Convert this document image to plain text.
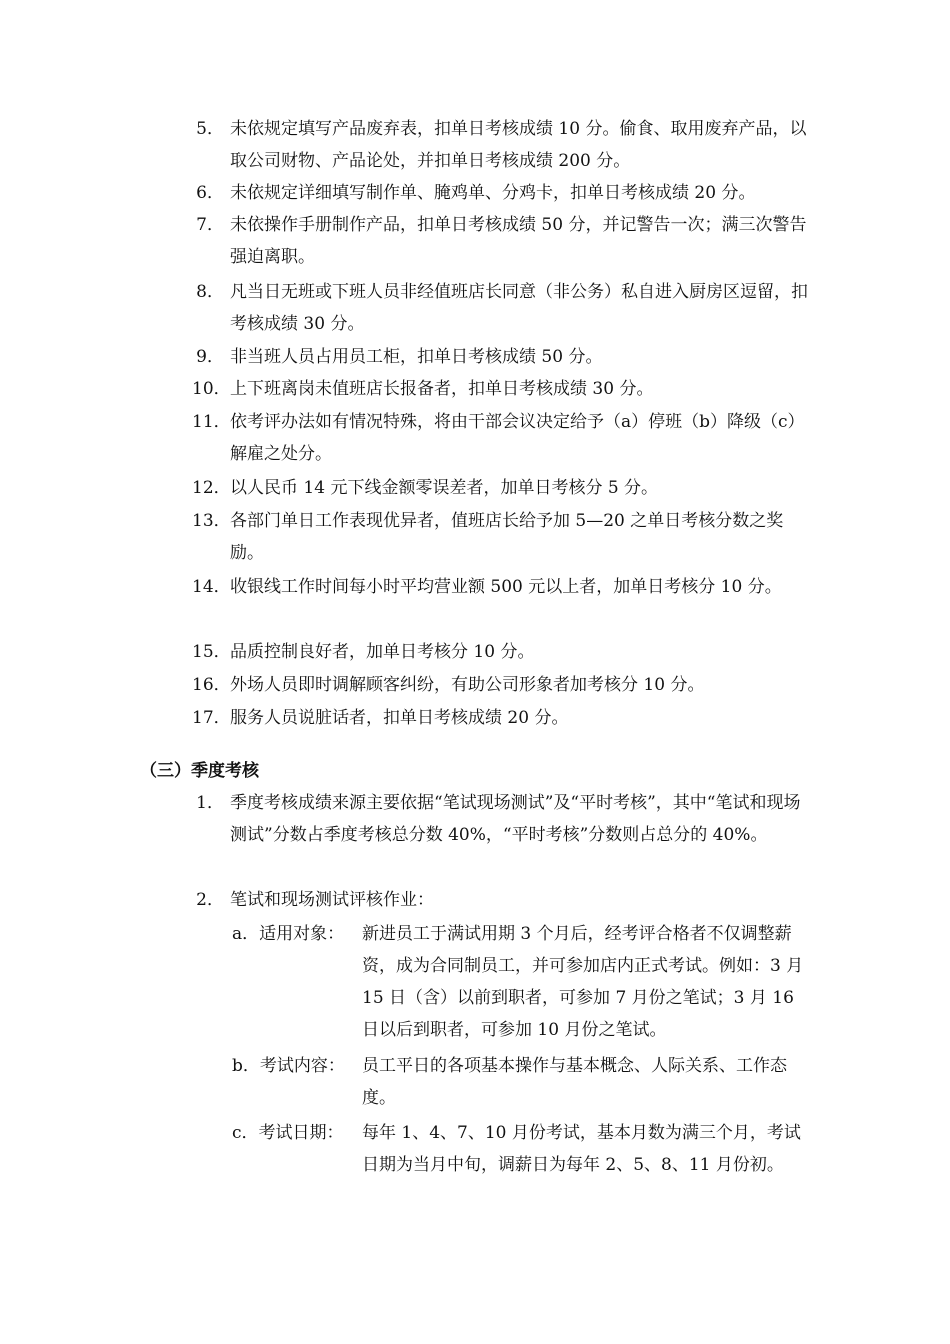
5． 未依规定填写产品废弃表，扣单日考核成绩 10 分。偷食、取用废弃产品，以取公司财物、产品论处，并扣单日考核成绩 200 分。
6． 未依规定详细填写制作单、腌鸡单、分鸡卡，扣单日考核成绩 20 分。
7． 未依操作手册制作产品，扣单日考核成绩 50 分，并记警告一次；满三次警告强迫离职。
8． 凡当日无班或下班人员非经值班店长同意（非公务）私自进入厨房区逗留，扣考核成绩 30 分。
9． 非当班人员占用员工柜，扣单日考核成绩 50 分。
10． 上下班离岗未值班店长报备者，扣单日考核成绩 30 分。
11． 依考评办法如有情况特殊，将由干部会议决定给予（a）停班（b）降级（c）解雇之处分。
12． 以人民币 14 元下线金额零误差者，加单日考核分 5 分。
13． 各部门单日工作表现优异者，值班店长给予加 5—20 之单日考核分数之奖励。
14． 收银线工作时间每小时平均营业额 500 元以上者，加单日考核分 10 分。
15． 品质控制良好者，加单日考核分 10 分。
16． 外场人员即时调解顾客纠纷，有助公司形象者加考核分 10 分。
17． 服务人员说脏话者，扣单日考核成绩 20 分。
（三）季度考核
1． 季度考核成绩来源主要依据“笔试现场测试”及“平时考核”，其中“笔试和现场测试”分数占季度考核总分数 40%，“平时考核”分数则占总分的 40%。
2． 笔试和现场测试评核作业：
a．适用对象：	新进员工于满试用期 3 个月后，经考评合格者不仅调整薪资，成为合同制员工，并可参加店内正式考试。例如：3 月 15 日（含）以前到职者，可参加 7 月份之笔试；3 月 16 日以后到职者，可参加 10 月份之笔试。
b．考试内容：	员工平日的各项基本操作与基本概念、人际关系、工作态度。
c．考试日期：	每年 1、4、7、10 月份考试，基本月数为满三个月，考试日期为当月中旬，调薪日为每年 2、5、8、11 月份初。
